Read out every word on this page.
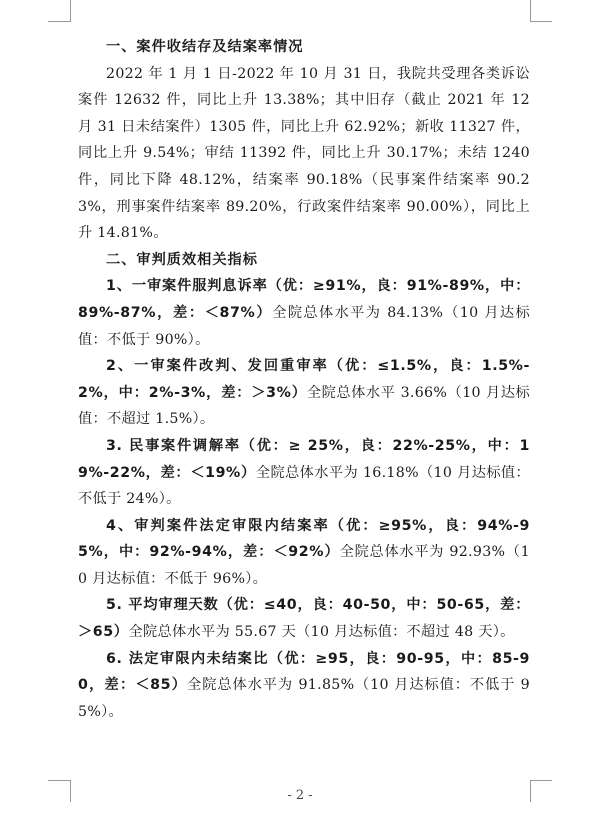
一、案件收结存及结案率情况

2022 年 1 月 1 日-2022 年 10 月 31 日，我院共受理各类诉讼案件 12632 件，同比上升 13.38%；其中旧存（截止 2021 年 12 月 31 日未结案件）1305 件，同比上升 62.92%；新收 11327 件，同比上升 9.54%；审结 11392 件，同比上升 30.17%；未结 1240 件，同比下降 48.12%，结案率 90.18%（民事案件结案率 90.23%，刑事案件结案率 89.20%，行政案件结案率 90.00%），同比上升 14.81%。

二、审判质效相关指标

1、一审案件服判息诉率（优：≥91%，良：91%-89%，中：89%-87%，差：＜87%）全院总体水平为 84.13%（10 月达标值：不低于 90%）。

2、一审案件改判、发回重审率（优：≤1.5%，良：1.5%-2%，中：2%-3%，差：＞3%）全院总体水平 3.66%（10 月达标值：不超过 1.5%）。

3. 民事案件调解率（优：≥ 25%，良：22%-25%，中：19%-22%，差：＜19%）全院总体水平为 16.18%（10 月达标值：不低于 24%）。

4、审判案件法定审限内结案率（优：≥95%，良：94%-95%，中：92%-94%，差：＜92%）全院总体水平为 92.93%（10 月达标值：不低于 96%）。

5. 平均审理天数（优：≤40，良：40-50，中：50-65，差：＞65）全院总体水平为 55.67 天（10 月达标值：不超过 48 天）。

6. 法定审限内未结案比（优：≥95，良：90-95，中：85-90，差：＜85）全院总体水平为 91.85%（10 月达标值：不低于 95%）。

- 2 -
